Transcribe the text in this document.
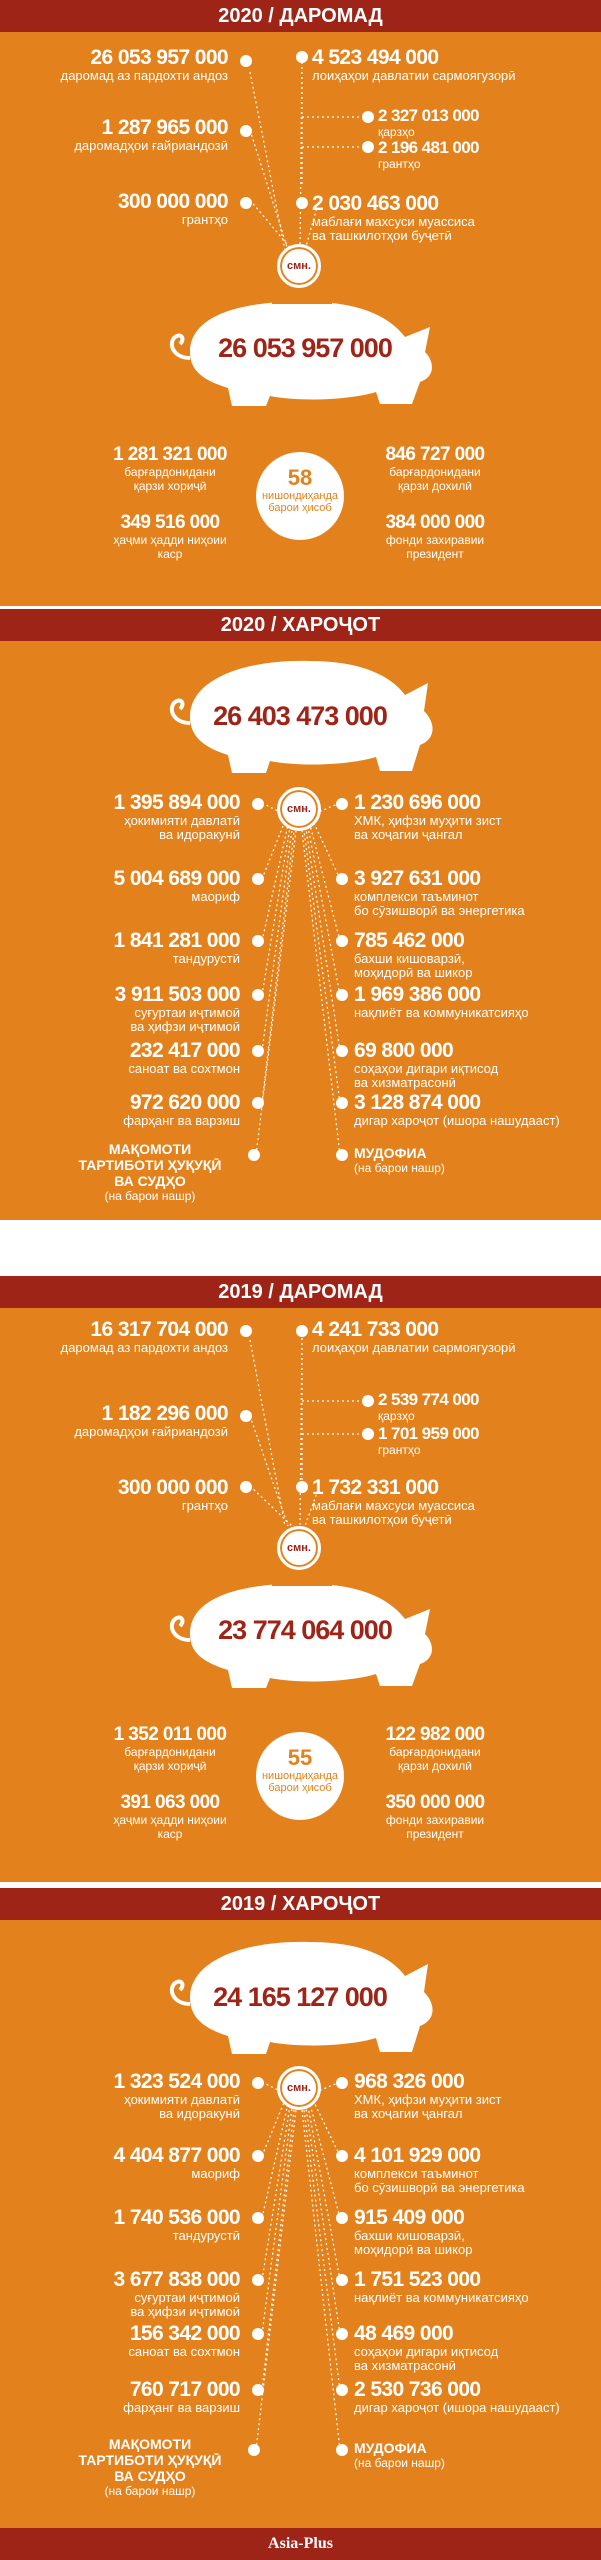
2020 / ДАРОМАД
26 053 957 000
даромад аз пардохти андоз
1 287 965 000
даромадҳои ғайриандозӣ
300 000 000
грантҳо
4 523 494 000
лоиҳаҳои давлатии сармоягузорӣ
2 327 013 000
қарзҳо
2 196 481 000
грантҳо
2 030 463 000
маблағи махсуси муассиса
ва ташкилотҳои буҷетӣ
смн.
26 053 957 000
1 281 321 000
барғардонидани
қарзи хориҷӣ
349 516 000
ҳаҷми ҳадди ниҳоии
каср
58
нишондиҳанда
барои ҳисоб
846 727 000
барғардонидани
қарзи дохилӣ
384 000 000
фонди захиравии
президент
2020 / ХАРОҶОТ
26 403 473 000
смн.
1 395 894 000
ҳокимияти давлатӣ
ва идоракунӣ
5 004 689 000
маориф
1 841 281 000
тандурустӣ
3 911 503 000
суғуртаи иҷтимоӣ
ва ҳифзи иҷтимоӣ
232 417 000
саноат ва сохтмон
972 620 000
фарҳанг ва варзиш
МАҚОМОТИ
ТАРТИБОТИ ҲУҚУҚӢ
ВА СУДҲО
(на барои нашр)
1 230 696 000
ХМК, ҳифзи муҳити зист
ва хоҷагии ҷангал
3 927 631 000
комплекси таъминот
бо сӯзишворӣ ва энергетика
785 462 000
бахши кишоварзӣ,
моҳидорӣ ва шикор
1 969 386 000
нақлиёт ва коммуникатсияҳо
69 800 000
соҳаҳои дигари иқтисод
ва хизматрасонӣ
3 128 874 000
дигар хароҷот (ишора нашудааст)
МУДОФИА
(на барои нашр)
2019 / ДАРОМАД
16 317 704 000
даромад аз пардохти андоз
1 182 296 000
даромадҳои ғайриандозӣ
300 000 000
грантҳо
4 241 733 000
лоиҳаҳои давлатии сармоягузорӣ
2 539 774 000
қарзҳо
1 701 959 000
грантҳо
1 732 331 000
маблағи махсуси муассиса
ва ташкилотҳои буҷетӣ
смн.
23 774 064 000
1 352 011 000
барғардонидани
қарзи хориҷӣ
391 063 000
ҳаҷми ҳадди ниҳоии
каср
55
нишондиҳанда
барои ҳисоб
122 982 000
барғардонидани
қарзи дохилӣ
350 000 000
фонди захиравии
президент
2019 / ХАРОҶОТ
24 165 127 000
смн.
1 323 524 000
ҳокимияти давлатӣ
ва идоракунӣ
4 404 877 000
маориф
1 740 536 000
тандурустӣ
3 677 838 000
суғуртаи иҷтимоӣ
ва ҳифзи иҷтимоӣ
156 342 000
саноат ва сохтмон
760 717 000
фарҳанг ва варзиш
МАҚОМОТИ
ТАРТИБОТИ ҲУҚУҚӢ
ВА СУДҲО
(на барои нашр)
968 326 000
ХМК, ҳифзи муҳити зист
ва хоҷагии ҷангал
4 101 929 000
комплекси таъминот
бо сӯзишворӣ ва энергетика
915 409 000
бахши кишоварзӣ,
моҳидорӣ ва шикор
1 751 523 000
нақлиёт ва коммуникатсияҳо
48 469 000
соҳаҳои дигари иқтисод
ва хизматрасонӣ
2 530 736 000
дигар хароҷот (ишора нашудааст)
МУДОФИА
(на барои нашр)
Asia-Plus
